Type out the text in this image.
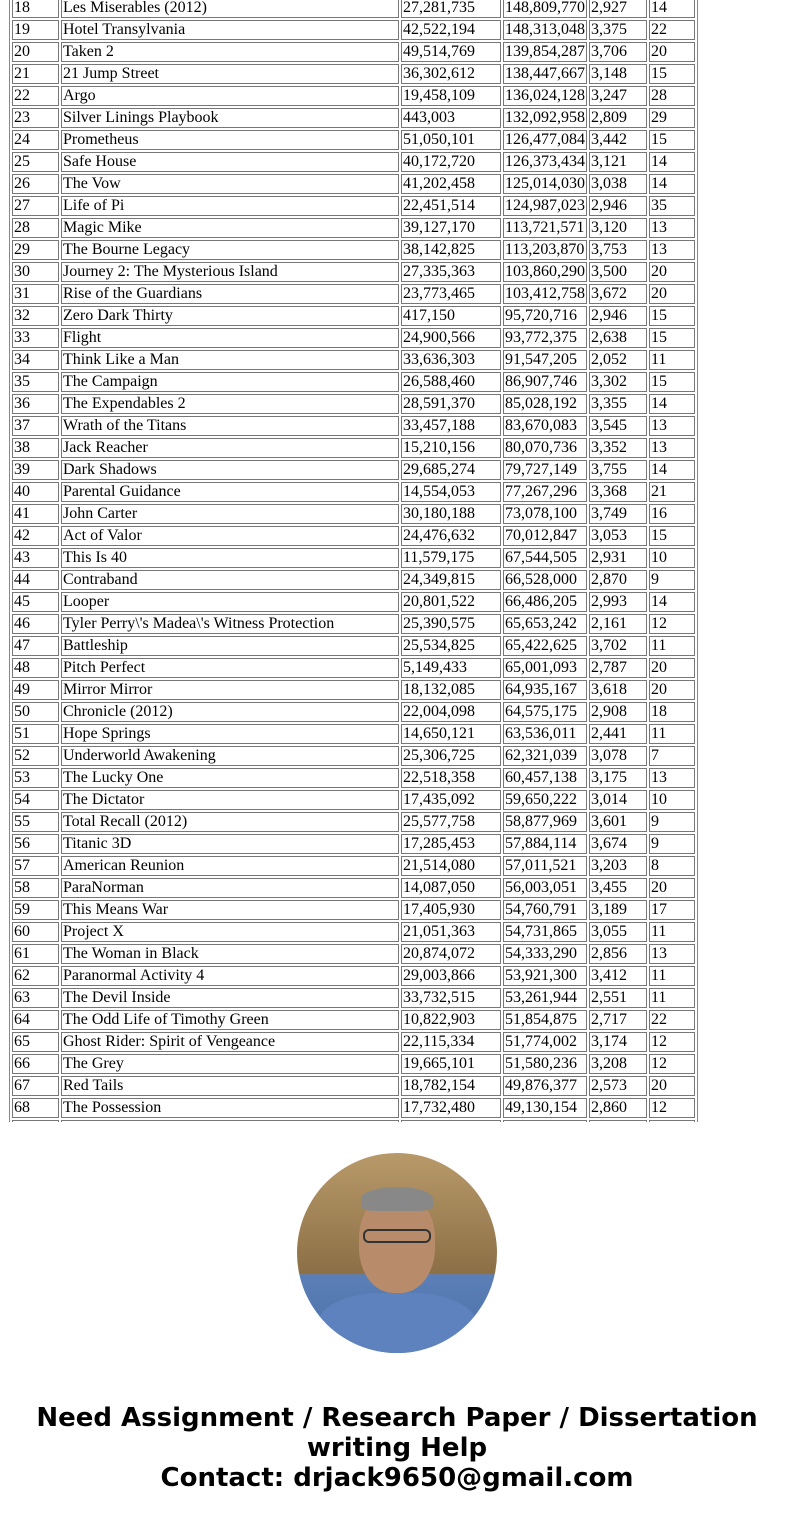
18	Les Miserables (2012)	27,281,735	148,809,770	2,927	14
19	Hotel Transylvania	42,522,194	148,313,048	3,375	22
20	Taken 2	49,514,769	139,854,287	3,706	20
21	21 Jump Street	36,302,612	138,447,667	3,148	15
22	Argo	19,458,109	136,024,128	3,247	28
23	Silver Linings Playbook	443,003	132,092,958	2,809	29
24	Prometheus	51,050,101	126,477,084	3,442	15
25	Safe House	40,172,720	126,373,434	3,121	14
26	The Vow	41,202,458	125,014,030	3,038	14
27	Life of Pi	22,451,514	124,987,023	2,946	35
28	Magic Mike	39,127,170	113,721,571	3,120	13
29	The Bourne Legacy	38,142,825	113,203,870	3,753	13
30	Journey 2: The Mysterious Island	27,335,363	103,860,290	3,500	20
31	Rise of the Guardians	23,773,465	103,412,758	3,672	20
32	Zero Dark Thirty	417,150	95,720,716	2,946	15
33	Flight	24,900,566	93,772,375	2,638	15
34	Think Like a Man	33,636,303	91,547,205	2,052	11
35	The Campaign	26,588,460	86,907,746	3,302	15
36	The Expendables 2	28,591,370	85,028,192	3,355	14
37	Wrath of the Titans	33,457,188	83,670,083	3,545	13
38	Jack Reacher	15,210,156	80,070,736	3,352	13
39	Dark Shadows	29,685,274	79,727,149	3,755	14
40	Parental Guidance	14,554,053	77,267,296	3,368	21
41	John Carter	30,180,188	73,078,100	3,749	16
42	Act of Valor	24,476,632	70,012,847	3,053	15
43	This Is 40	11,579,175	67,544,505	2,931	10
44	Contraband	24,349,815	66,528,000	2,870	9
45	Looper	20,801,522	66,486,205	2,993	14
46	Tyler Perry\'s Madea\'s Witness Protection	25,390,575	65,653,242	2,161	12
47	Battleship	25,534,825	65,422,625	3,702	11
48	Pitch Perfect	5,149,433	65,001,093	2,787	20
49	Mirror Mirror	18,132,085	64,935,167	3,618	20
50	Chronicle (2012)	22,004,098	64,575,175	2,908	18
51	Hope Springs	14,650,121	63,536,011	2,441	11
52	Underworld Awakening	25,306,725	62,321,039	3,078	7
53	The Lucky One	22,518,358	60,457,138	3,175	13
54	The Dictator	17,435,092	59,650,222	3,014	10
55	Total Recall (2012)	25,577,758	58,877,969	3,601	9
56	Titanic 3D	17,285,453	57,884,114	3,674	9
57	American Reunion	21,514,080	57,011,521	3,203	8
58	ParaNorman	14,087,050	56,003,051	3,455	20
59	This Means War	17,405,930	54,760,791	3,189	17
60	Project X	21,051,363	54,731,865	3,055	11
61	The Woman in Black	20,874,072	54,333,290	2,856	13
62	Paranormal Activity 4	29,003,866	53,921,300	3,412	11
63	The Devil Inside	33,732,515	53,261,944	2,551	11
64	The Odd Life of Timothy Green	10,822,903	51,854,875	2,717	22
65	Ghost Rider: Spirit of Vengeance	22,115,334	51,774,002	3,174	12
66	The Grey	19,665,101	51,580,236	3,208	12
67	Red Tails	18,782,154	49,876,377	2,573	20
68	The Possession	17,732,480	49,130,154	2,860	12

Need Assignment / Research Paper / Dissertation
writing Help
Contact: drjack9650@gmail.com
